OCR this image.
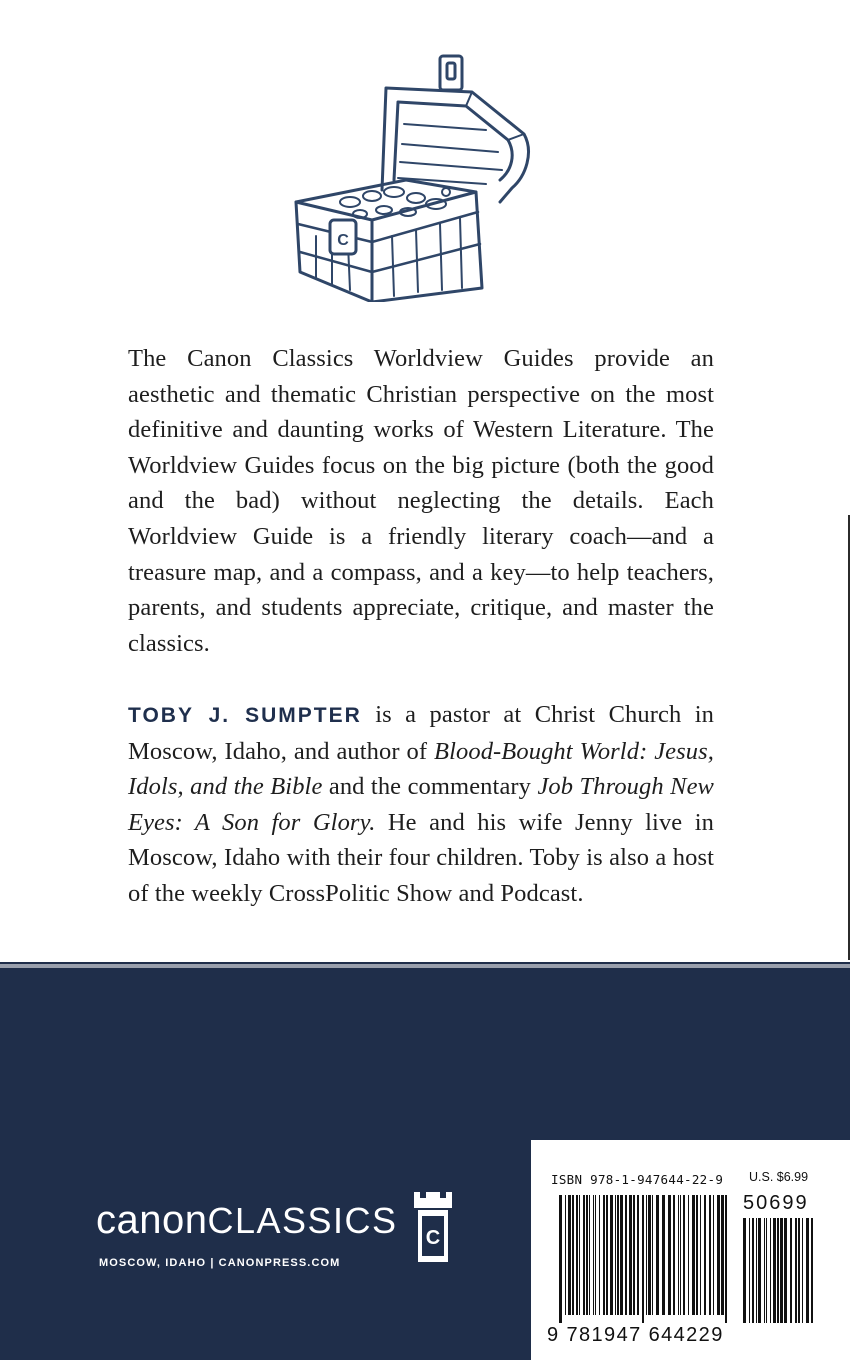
C
The Canon Classics Worldview Guides provide an aesthetic and thematic Christian perspective on the most definitive and daunting works of Western Literature. The Worldview Guides focus on the big picture (both the good and the bad) without neglecting the details. Each Worldview Guide is a friendly literary coach—and a treasure map, and a compass, and a key—to help teachers, parents, and students appreciate, critique, and master the classics.
TOBY J. SUMPTER is a pastor at Christ Church in Moscow, Idaho, and author of Blood-Bought World: Jesus, Idols, and the Bible and the commentary Job Through New Eyes: A Son for Glory. He and his wife Jenny live in Moscow, Idaho with their four children. Toby is also a host of the weekly CrossPolitic Show and Podcast.
canonCLASSICS
MOSCOW, IDAHO | CANONPRESS.COM
C
ISBN 978-1-947644-22-9 U.S. $6.99
50699
9 781947 644229
